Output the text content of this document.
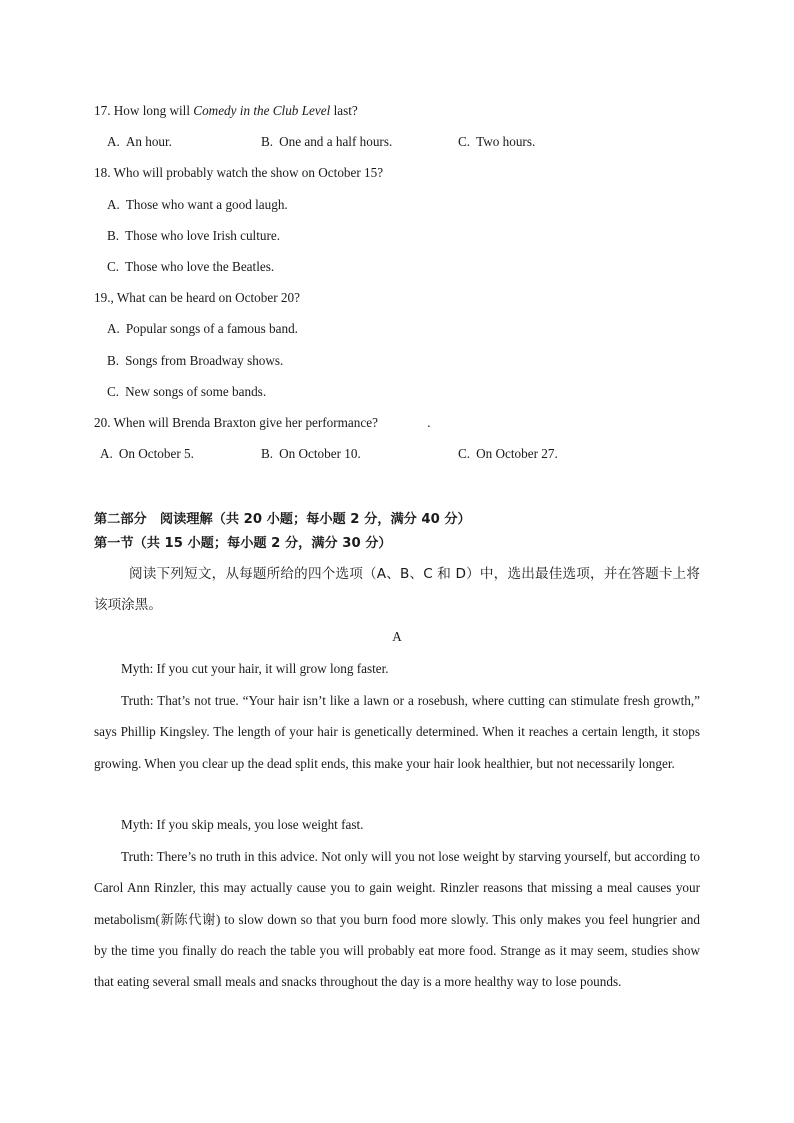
17. How long will Comedy in the Club Level last?
A. An hour.	B. One and a half hours.	C. Two hours.
18. Who will probably watch the show on October 15?
A. Those who want a good laugh.
B. Those who love Irish culture.
C. Those who love the Beatles.
19., What can be heard on October 20?
A. Popular songs of a famous band.
B. Songs from Broadway shows.
C. New songs of some bands.
20. When will Brenda Braxton give her performance?	.
A. On October 5.	B. On October 10.	C. On October 27.
第二部分　阅读理解（共 20 小题；每小题 2 分，满分 40 分）
第一节（共 15 小题；每小题 2 分，满分 30 分）

阅读下列短文，从每题所给的四个选项（A、B、C 和 D）中，选出最佳选项，并在答题卡上将该项涂黑。

A
Myth: If you cut your hair, it will grow long faster.

Truth: That’s not true. “Your hair isn’t like a lawn or a rosebush, where cutting can stimulate fresh growth,” says Phillip Kingsley. The length of your hair is genetically determined. When it reaches a certain length, it stops growing. When you clear up the dead split ends, this make your hair look healthier, but not necessarily longer.

Myth: If you skip meals, you lose weight fast.

Truth: There’s no truth in this advice. Not only will you not lose weight by starving yourself, but according to Carol Ann Rinzler, this may actually cause you to gain weight. Rinzler reasons that missing a meal causes your metabolism(新陈代谢) to slow down so that you burn food more slowly. This only makes you feel hungrier and by the time you finally do reach the table you will probably eat more food. Strange as it may seem, studies show that eating several small meals and snacks throughout the day is a more healthy way to lose pounds.
